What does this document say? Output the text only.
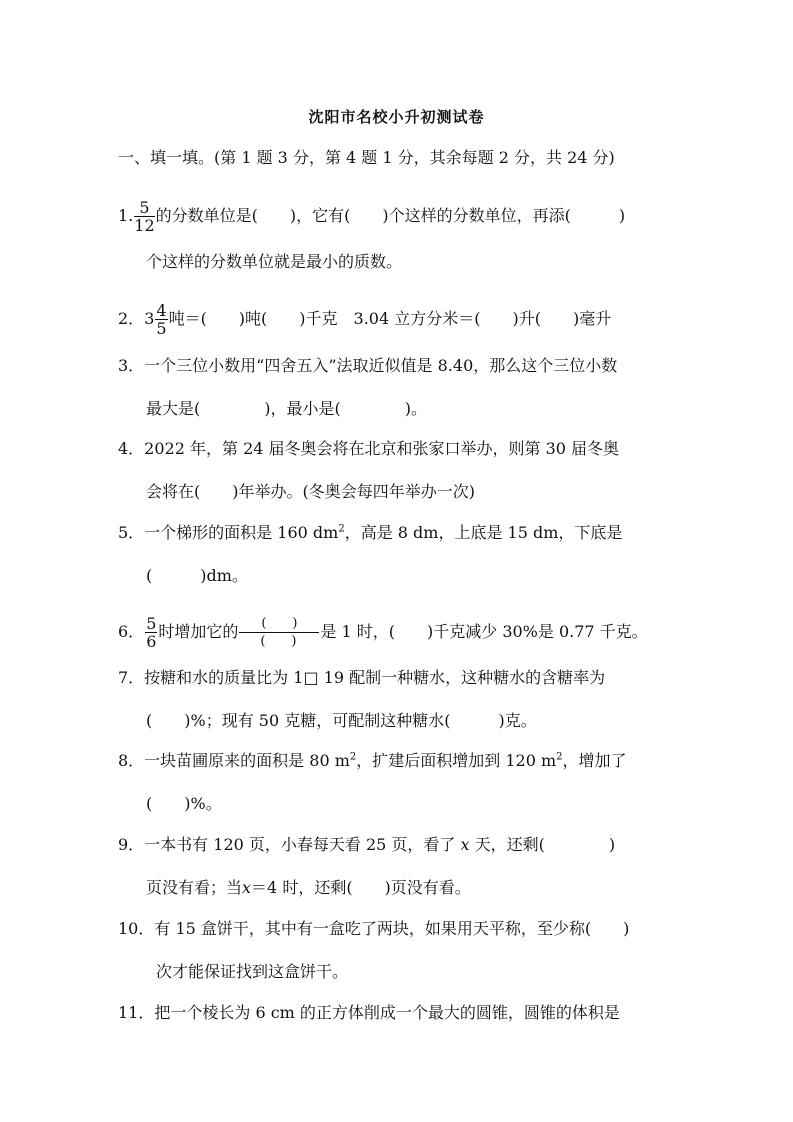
沈阳市名校小升初测试卷
一、填一填。(第 1 题 3 分，第 4 题 1 分，其余每题 2 分，共 24 分)
1. $\frac{5}{12}$ 的分数单位是(　　)，它有(　　)个这样的分数单位，再添(　　　)
个这样的分数单位就是最小的质数。
2．$3 \frac{4}{5}$ 吨＝(　　)吨(　　)千克　3.04 立方分米＝(　　)升(　　)毫升
3．一个三位小数用“四舍五入”法取近似值是 8.40，那么这个三位小数
最大是(　　　　)，最小是(　　　　)。
4．2022 年，第 24 届冬奥会将在北京和张家口举办，则第 30 届冬奥
会将在(　　)年举办。(冬奥会每四年举办一次)
5．一个梯形的面积是 160 $dm^2$，高是 8 dm，上底是 15 dm，下底是
(　　　)dm。
6． $\frac{5}{6}$ 时增加它的 $\frac{( )}{( )}$ 是 1 时，(　　)千克减少 30%是 0.77 千克。
7．按糖和水的质量比为 1□ 19 配制一种糖水，这种糖水的含糖率为
(　　)%；现有 50 克糖，可配制这种糖水(　　　)克。
8．一块苗圃原来的面积是 80 $m^2$，扩建后面积增加到 120 $m^2$，增加了
(　　)%。
9．一本书有 120 页，小春每天看 25 页，看了 x 天，还剩(　　　　)
页没有看；当x＝4 时，还剩(　　)页没有看。
10．有 15 盒饼干，其中有一盒吃了两块，如果用天平称，至少称(　　)
次才能保证找到这盒饼干。
11．把一个棱长为 6 cm 的正方体削成一个最大的圆锥，圆锥的体积是
